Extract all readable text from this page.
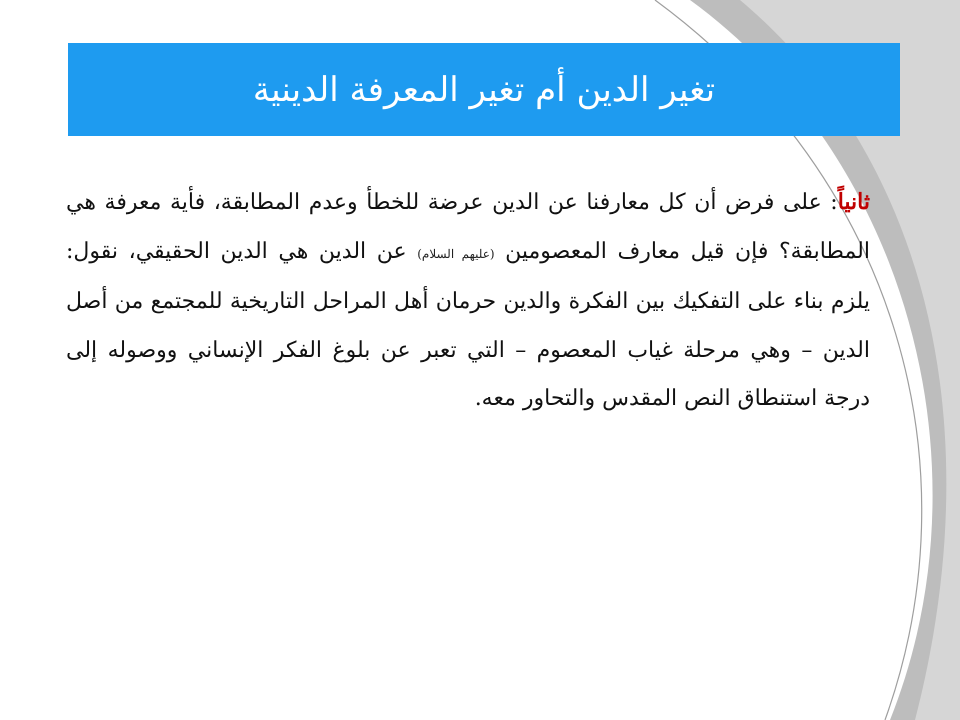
تغير الدين أم تغير المعرفة الدينية
ثانياً: على فرض أن كل معارفنا عن الدين عرضة للخطأ وعدم المطابقة، فأية معرفة هي المطابقة؟ فإن قيل معارف المعصومين (عليهم السلام) عن الدين هي الدين الحقيقي، نقول: يلزم بناء على التفكيك بين الفكرة والدين حرمان أهل المراحل التاريخية للمجتمع من أصل الدين – وهي مرحلة غياب المعصوم – التي تعبر عن بلوغ الفكر الإنساني ووصوله إلى درجة استنطاق النص المقدس والتحاور معه.
